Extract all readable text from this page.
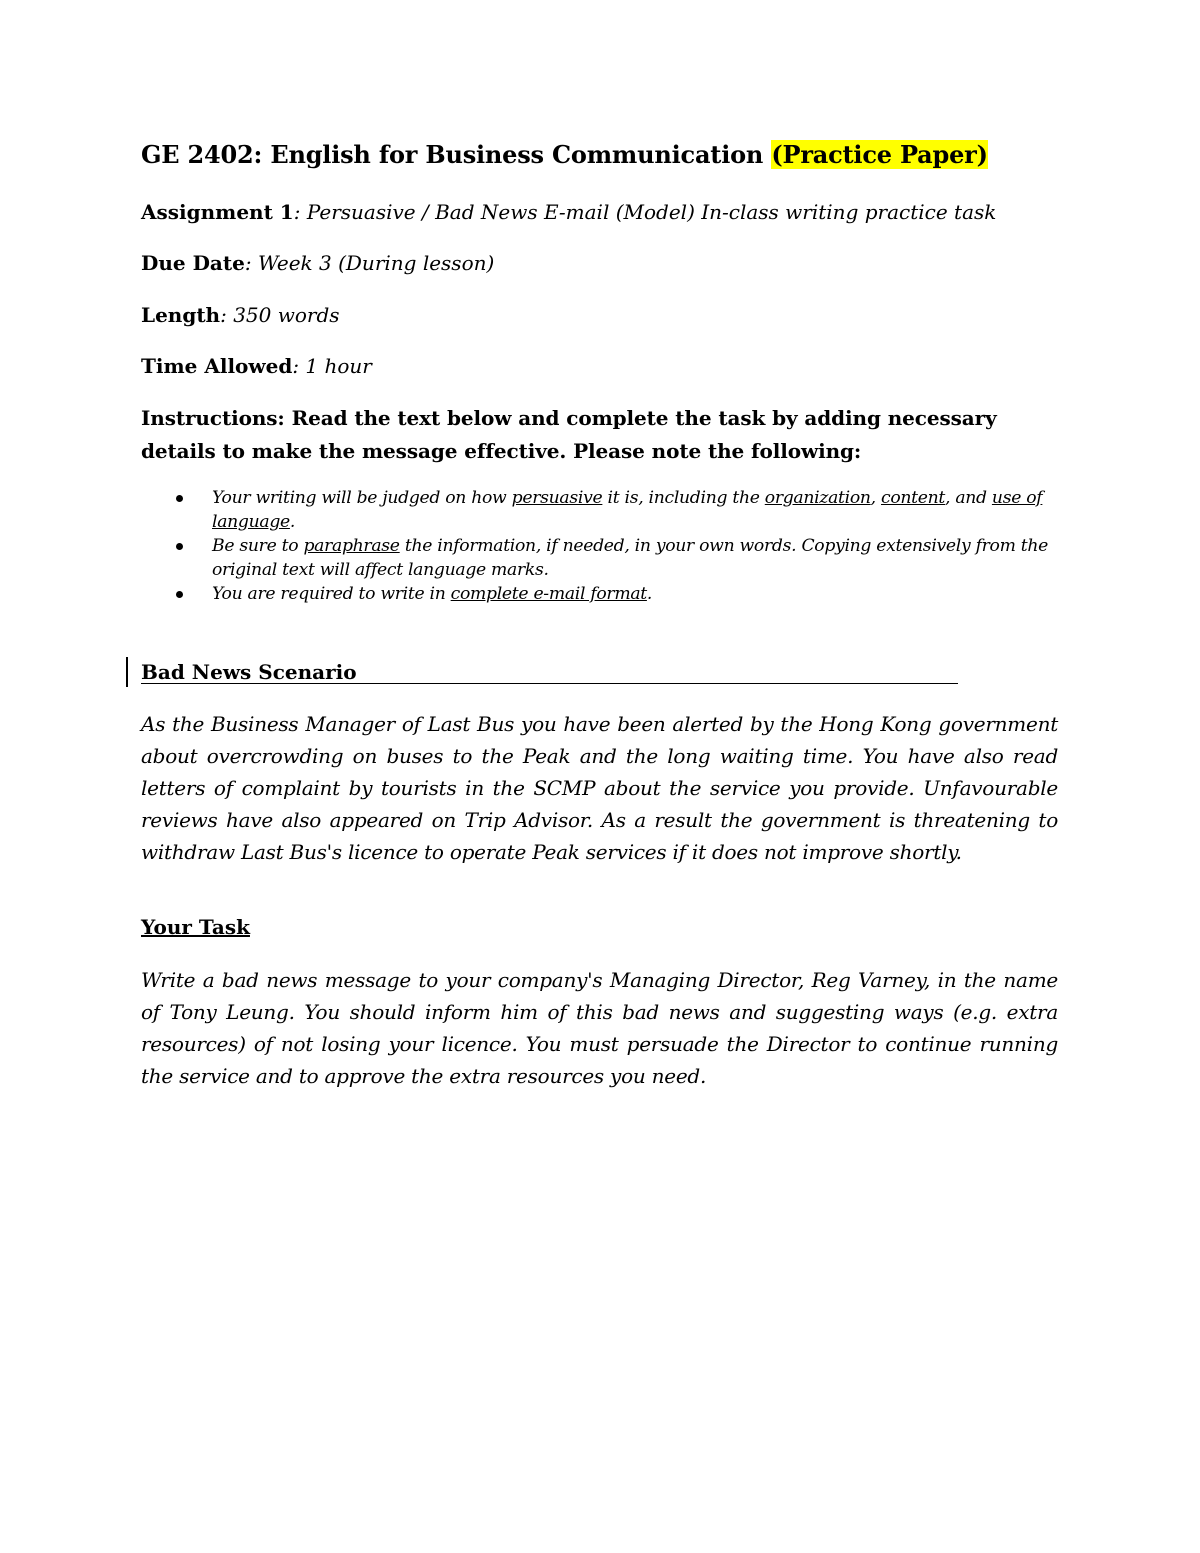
GE 2402: English for Business Communication (Practice Paper)
Assignment 1: Persuasive / Bad News E-mail (Model) In-class writing practice task
Due Date: Week 3 (During lesson)
Length: 350 words
Time Allowed: 1 hour
Instructions: Read the text below and complete the task by adding necessary details to make the message effective. Please note the following:
Your writing will be judged on how persuasive it is, including the organization, content, and use of language.
Be sure to paraphrase the information, if needed, in your own words. Copying extensively from the original text will affect language marks.
You are required to write in complete e-mail format.
Bad News Scenario
As the Business Manager of Last Bus you have been alerted by the Hong Kong government about overcrowding on buses to the Peak and the long waiting time. You have also read letters of complaint by tourists in the SCMP about the service you provide. Unfavourable reviews have also appeared on Trip Advisor. As a result the government is threatening to withdraw Last Bus's licence to operate Peak services if it does not improve shortly.
Your Task
Write a bad news message to your company's Managing Director, Reg Varney, in the name of Tony Leung. You should inform him of this bad news and suggesting ways (e.g. extra resources) of not losing your licence. You must persuade the Director to continue running the service and to approve the extra resources you need.
